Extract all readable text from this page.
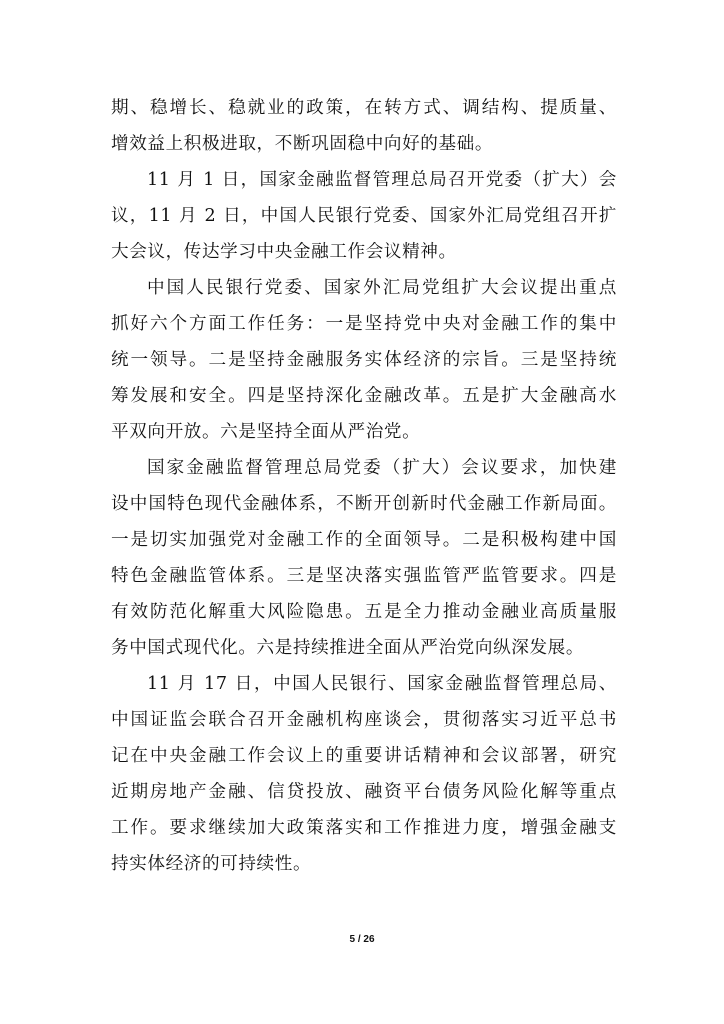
期、稳增长、稳就业的政策，在转方式、调结构、提质量、
增效益上积极进取，不断巩固稳中向好的基础。
11 月 1 日，国家金融监督管理总局召开党委（扩大）会
议，11 月 2 日，中国人民银行党委、国家外汇局党组召开扩
大会议，传达学习中央金融工作会议精神。
中国人民银行党委、国家外汇局党组扩大会议提出重点
抓好六个方面工作任务：一是坚持党中央对金融工作的集中
统一领导。二是坚持金融服务实体经济的宗旨。三是坚持统
筹发展和安全。四是坚持深化金融改革。五是扩大金融高水
平双向开放。六是坚持全面从严治党。
国家金融监督管理总局党委（扩大）会议要求，加快建
设中国特色现代金融体系，不断开创新时代金融工作新局面。
一是切实加强党对金融工作的全面领导。二是积极构建中国
特色金融监管体系。三是坚决落实强监管严监管要求。四是
有效防范化解重大风险隐患。五是全力推动金融业高质量服
务中国式现代化。六是持续推进全面从严治党向纵深发展。
11 月 17 日，中国人民银行、国家金融监督管理总局、
中国证监会联合召开金融机构座谈会，贯彻落实习近平总书
记在中央金融工作会议上的重要讲话精神和会议部署，研究
近期房地产金融、信贷投放、融资平台债务风险化解等重点
工作。要求继续加大政策落实和工作推进力度，增强金融支
持实体经济的可持续性。
5 / 26
